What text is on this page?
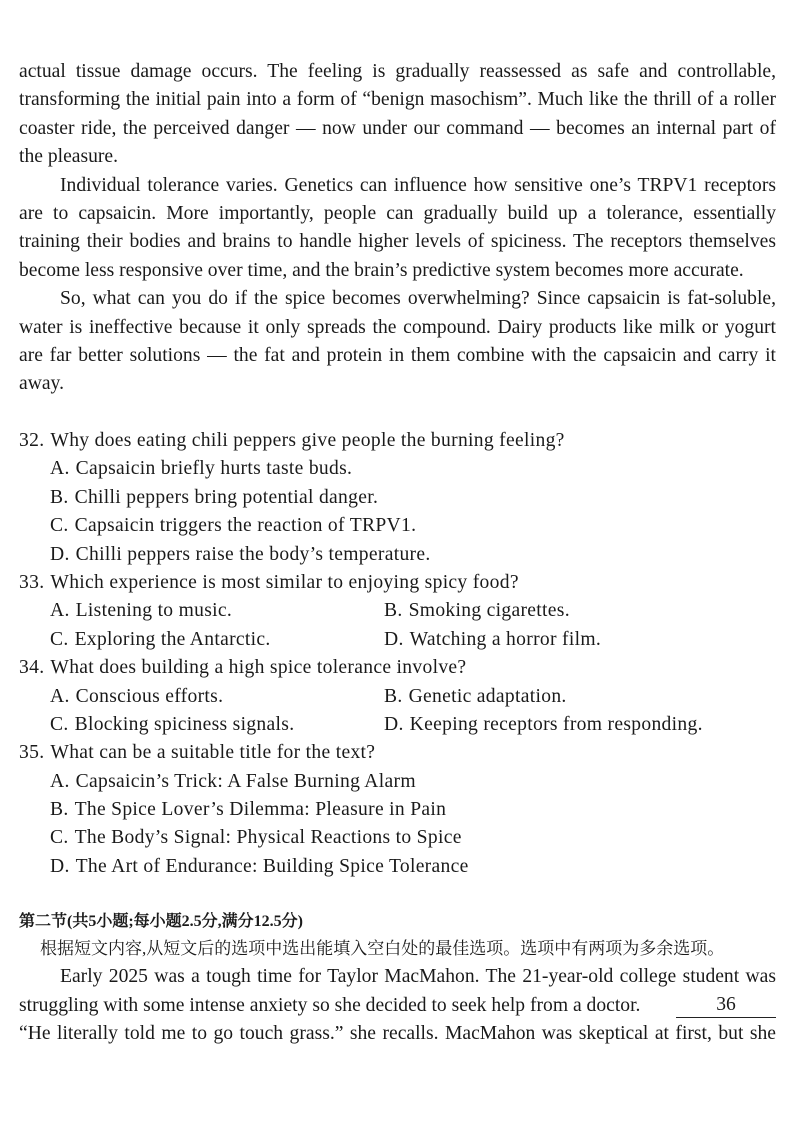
actual tissue damage occurs. The feeling is gradually reassessed as safe and controllable,
transforming the initial pain into a form of “benign masochism”. Much like the thrill of a roller
coaster ride, the perceived danger — now under our command — becomes an internal part of
the pleasure.
Individual tolerance varies. Genetics can influence how sensitive one’s TRPV1 receptors
are to capsaicin. More importantly, people can gradually build up a tolerance, essentially
training their bodies and brains to handle higher levels of spiciness. The receptors themselves
become less responsive over time, and the brain’s predictive system becomes more accurate.
So, what can you do if the spice becomes overwhelming? Since capsaicin is fat-soluble,
water is ineffective because it only spreads the compound. Dairy products like milk or yogurt
are far better solutions — the fat and protein in them combine with the capsaicin and carry it
away.
32. Why does eating chili peppers give people the burning feeling?
A. Capsaicin briefly hurts taste buds.
B. Chilli peppers bring potential danger.
C. Capsaicin triggers the reaction of TRPV1.
D. Chilli peppers raise the body’s temperature.
33. Which experience is most similar to enjoying spicy food?
A. Listening to music.	B. Smoking cigarettes.
C. Exploring the Antarctic.	D. Watching a horror film.
34. What does building a high spice tolerance involve?
A. Conscious efforts.	B. Genetic adaptation.
C. Blocking spiciness signals.	D. Keeping receptors from responding.
35. What can be a suitable title for the text?
A. Capsaicin’s Trick: A False Burning Alarm
B. The Spice Lover’s Dilemma: Pleasure in Pain
C. The Body’s Signal: Physical Reactions to Spice
D. The Art of Endurance: Building Spice Tolerance
第二节(共5小题;每小题2.5分,满分12.5分)
根据短文内容,从短文后的选项中选出能填入空白处的最佳选项。选项中有两项为多余选项。
Early 2025 was a tough time for Taylor MacMahon. The 21-year-old college student was
struggling with some intense anxiety so she decided to seek help from a doctor.	36
“He literally told me to go touch grass.” she recalls. MacMahon was skeptical at first, but she
